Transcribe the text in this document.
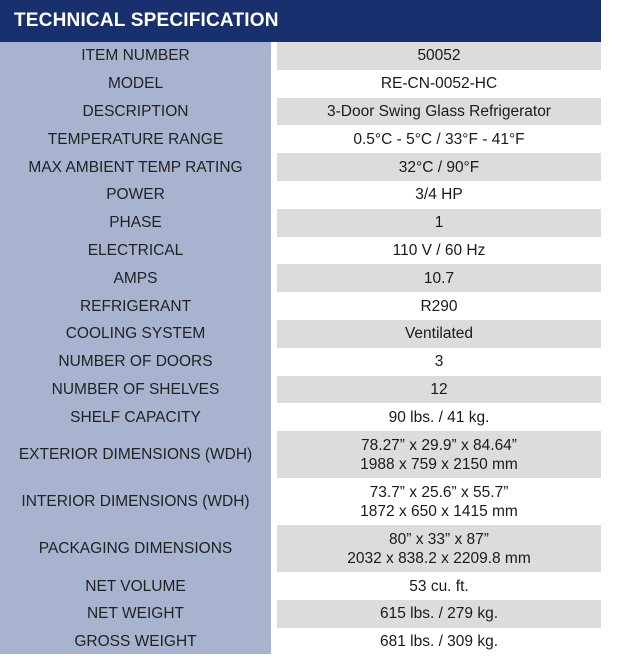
TECHNICAL SPECIFICATION
ITEM NUMBER
MODEL
DESCRIPTION
TEMPERATURE RANGE
MAX AMBIENT TEMP RATING
POWER
PHASE
ELECTRICAL
AMPS
REFRIGERANT
COOLING SYSTEM
NUMBER OF DOORS
NUMBER OF SHELVES
SHELF CAPACITY
EXTERIOR DIMENSIONS (WDH)
INTERIOR DIMENSIONS (WDH)
PACKAGING DIMENSIONS
NET VOLUME
NET WEIGHT
GROSS WEIGHT
50052
RE-CN-0052-HC
3-Door Swing Glass Refrigerator
0.5°C - 5°C / 33°F - 41°F
32°C / 90°F
3/4 HP
1
110 V / 60 Hz
10.7
R290
Ventilated
3
12
90 lbs. / 41 kg.
78.27” x 29.9” x 84.64”
1988 x 759 x 2150 mm
73.7” x 25.6” x 55.7”
1872 x 650 x 1415 mm
80” x 33” x 87”
2032 x 838.2 x 2209.8 mm
53 cu. ft.
615 lbs. / 279 kg.
681 lbs. / 309 kg.
